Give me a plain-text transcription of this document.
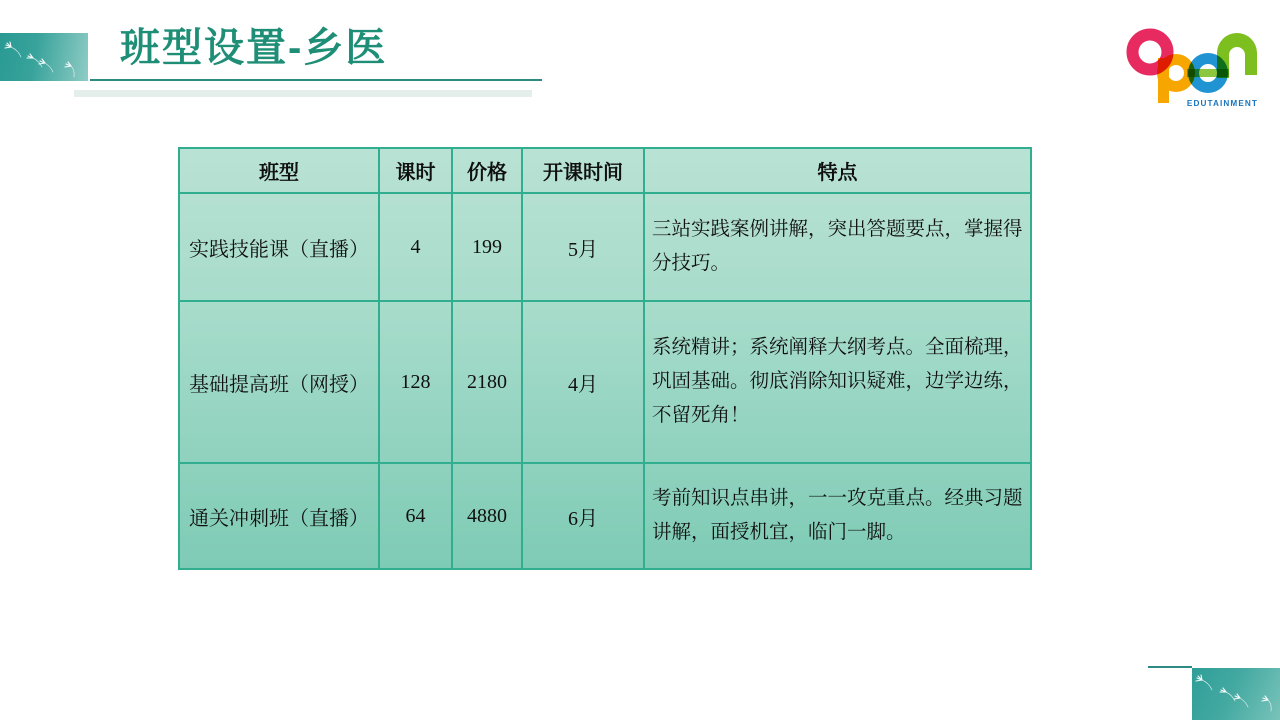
班型设置-乡医
EDUTAINMENT
班型	课时	价格	开课时间	特点
实践技能课（直播）	4	199	5月	三站实践案例讲解，突出答题要点，掌握得分技巧。
基础提高班（网授）	128	2180	4月	系统精讲；系统阐释大纲考点。全面梳理，巩固基础。彻底消除知识疑难，边学边练，不留死角！
通关冲刺班（直播）	64	4880	6月	考前知识点串讲，一一攻克重点。经典习题讲解，面授机宜，临门一脚。
